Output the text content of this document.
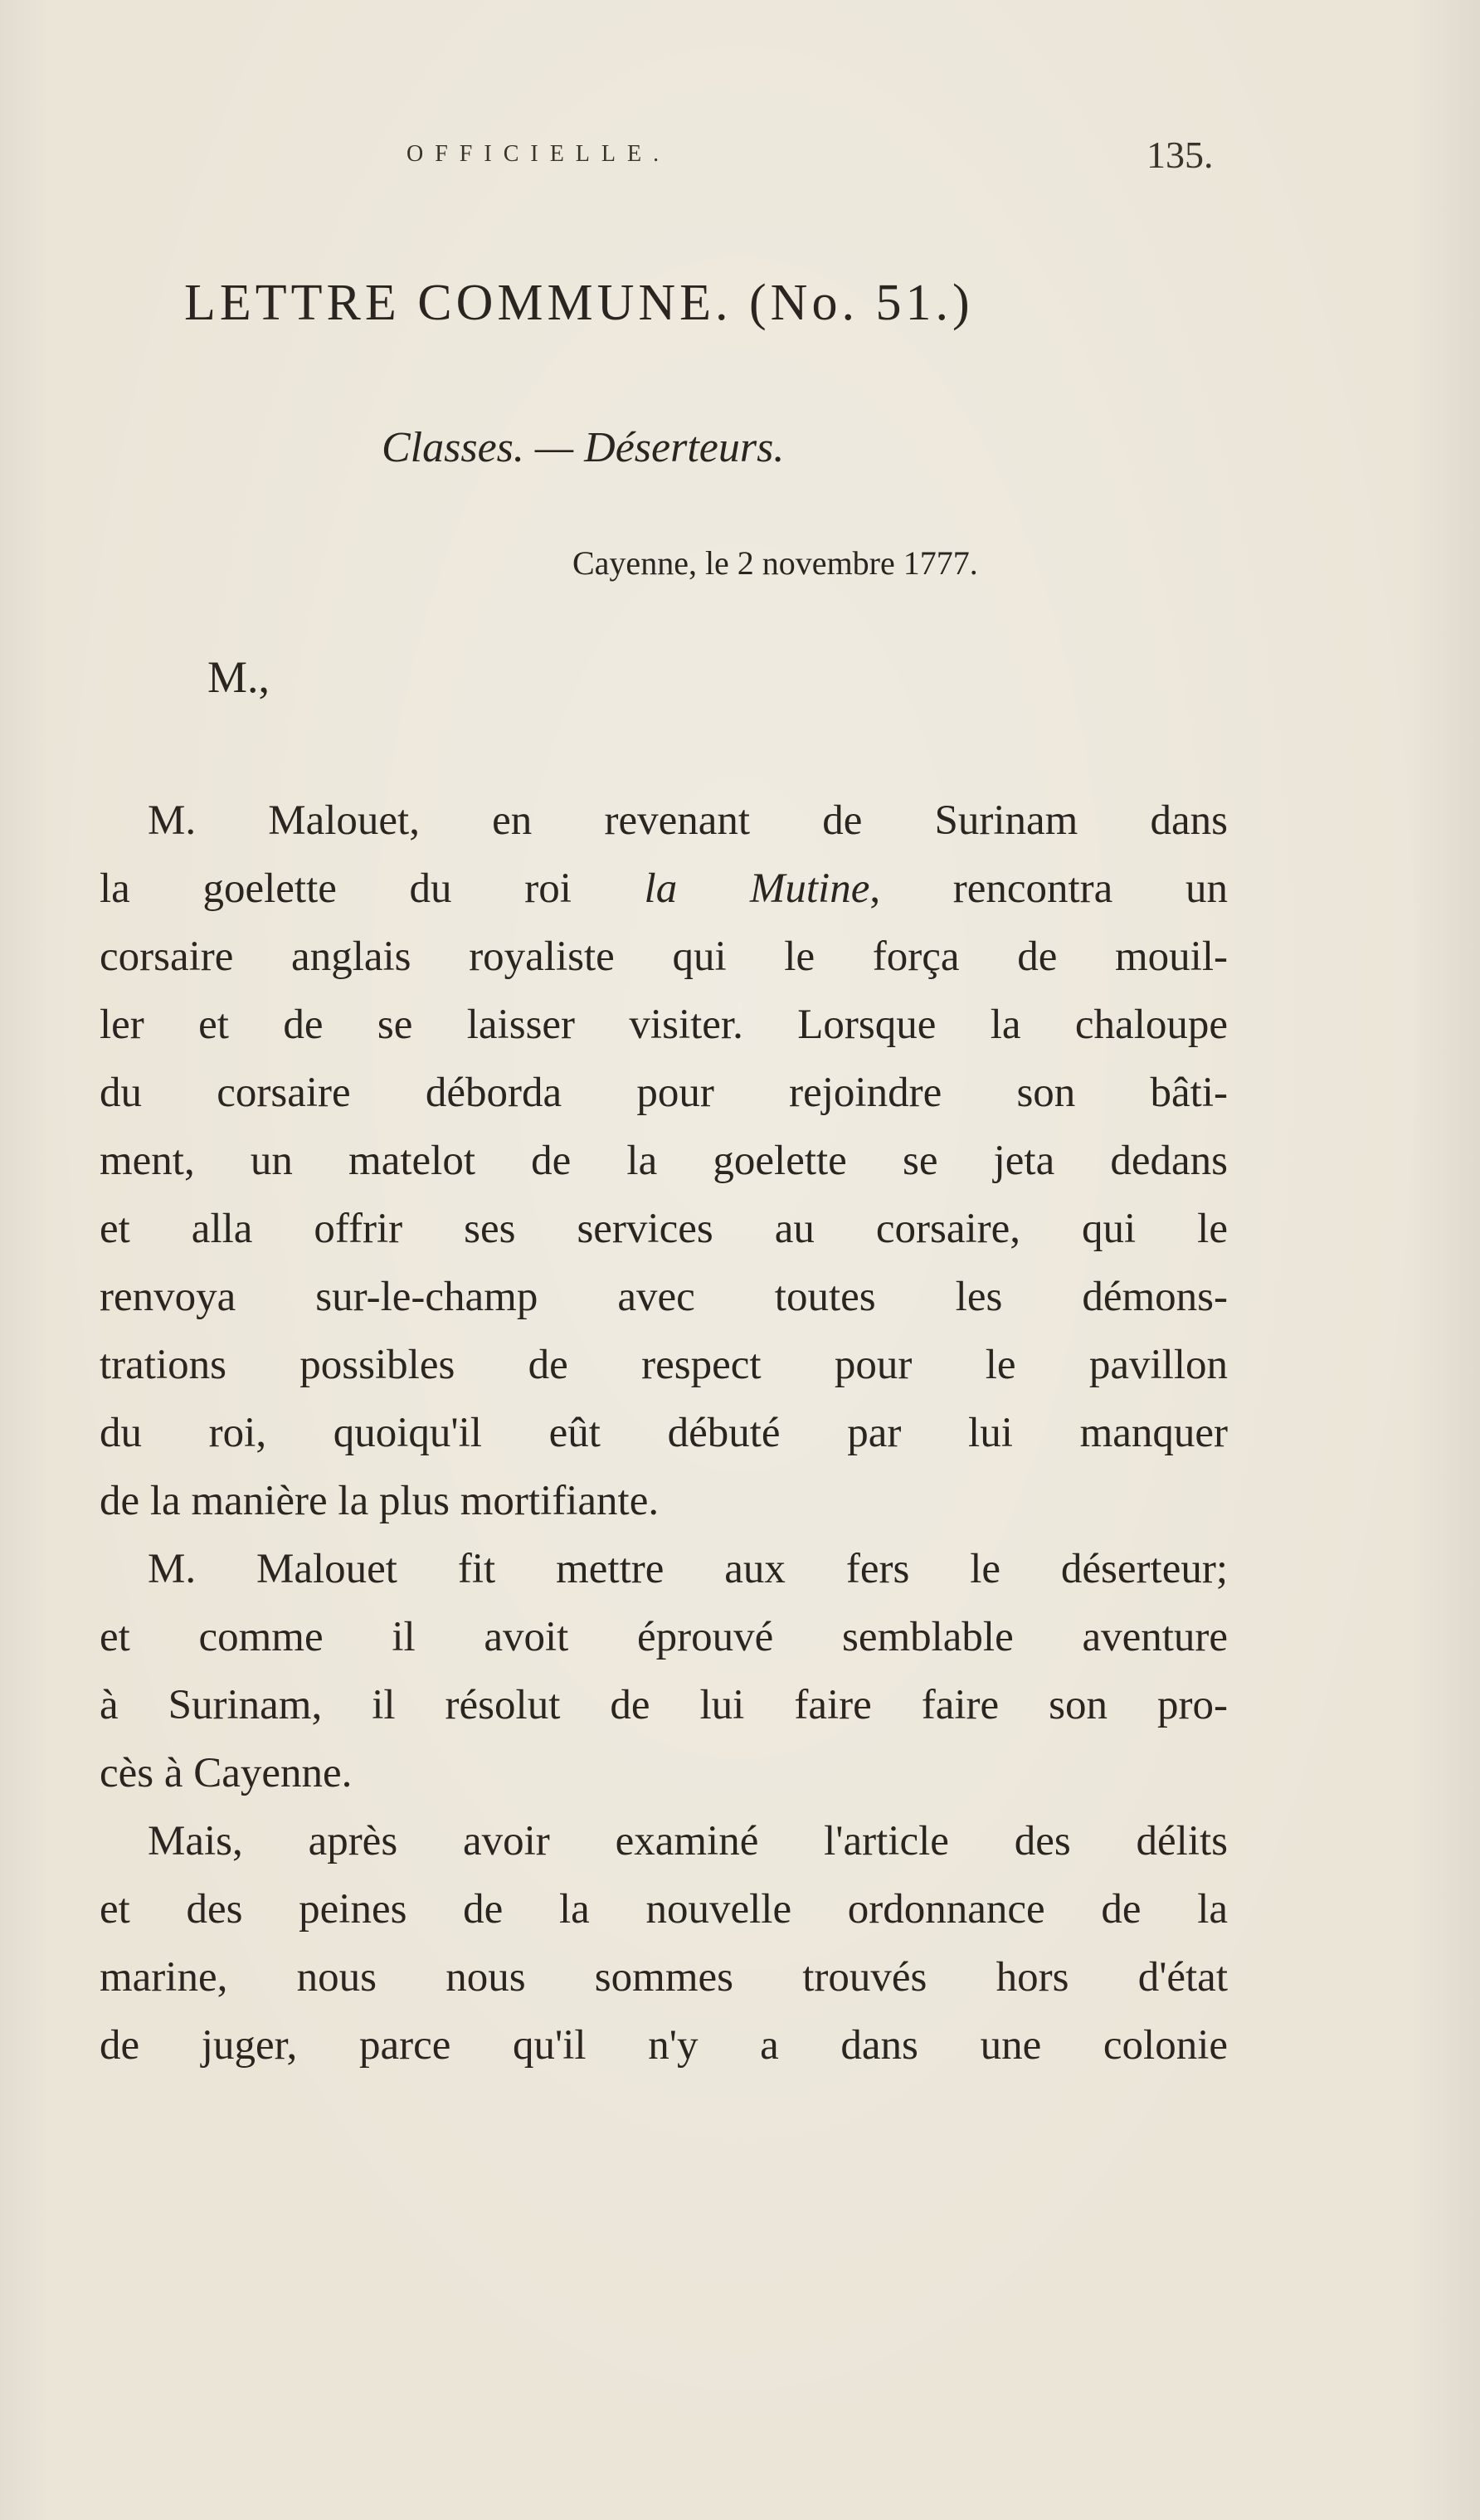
OFFICIELLE.	135.
LETTRE COMMUNE. (No. 51.)
Classes. — Déserteurs.
Cayenne, le 2 novembre 1777.
M.,
M. Malouet, en revenant de Surinam dans
la goelette du roi la Mutine, rencontra un
corsaire anglais royaliste qui le força de mouil-
ler et de se laisser visiter. Lorsque la chaloupe
du corsaire déborda pour rejoindre son bâti-
ment, un matelot de la goelette se jeta dedans
et alla offrir ses services au corsaire, qui le
renvoya sur-le-champ avec toutes les démons-
trations possibles de respect pour le pavillon
du roi, quoiqu'il eût débuté par lui manquer
de la manière la plus mortifiante.
M. Malouet fit mettre aux fers le déserteur;
et comme il avoit éprouvé semblable aventure
à Surinam, il résolut de lui faire faire son pro-
cès à Cayenne.
Mais, après avoir examiné l'article des délits
et des peines de la nouvelle ordonnance de la
marine, nous nous sommes trouvés hors d'état
de juger, parce qu'il n'y a dans une colonie
